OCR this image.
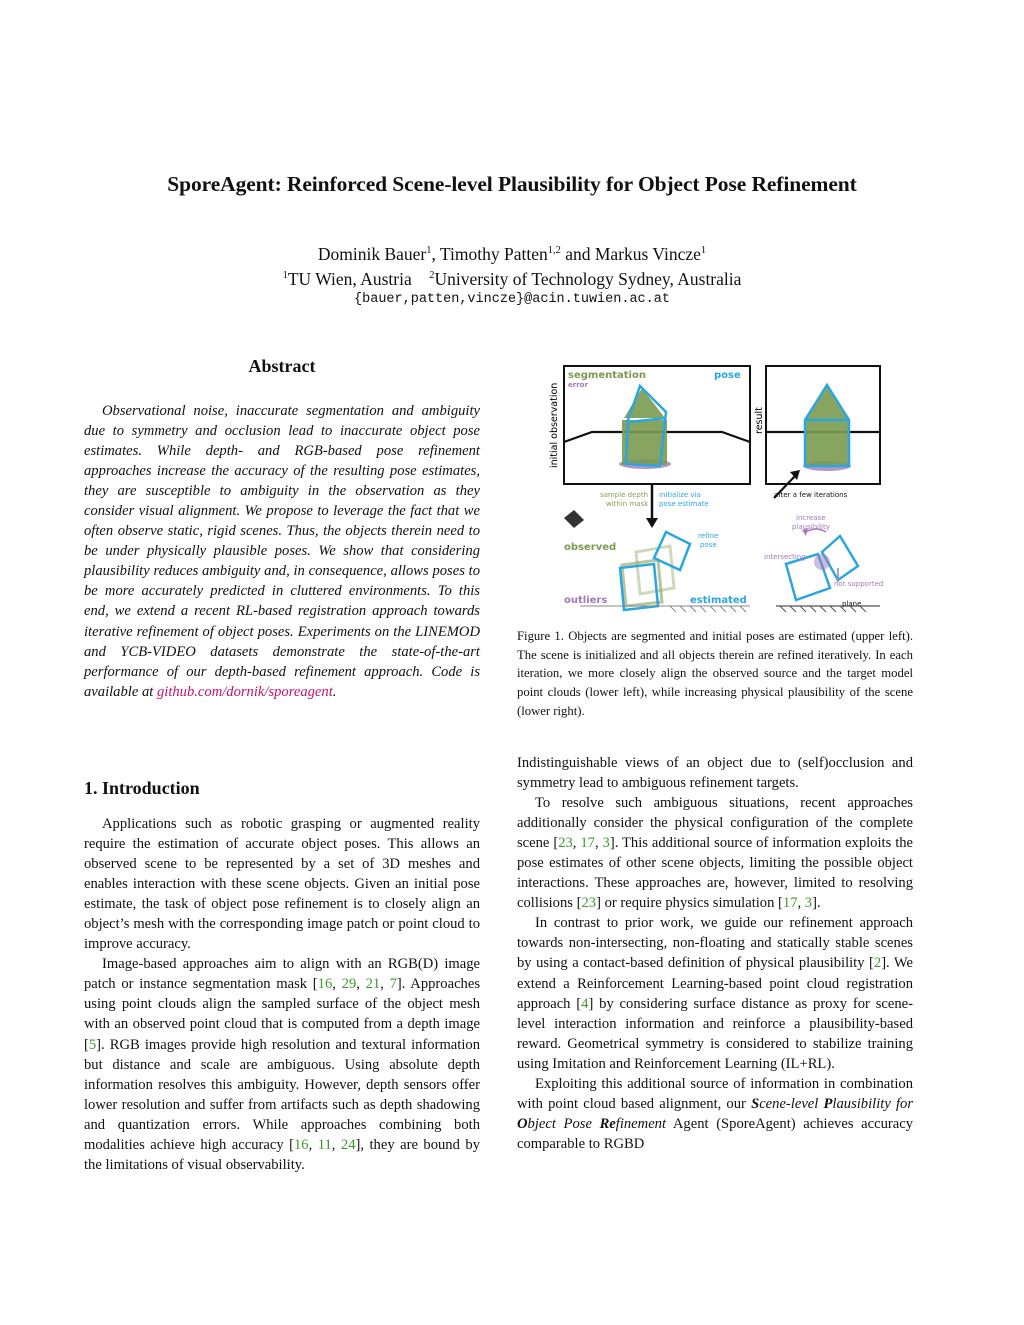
SporeAgent: Reinforced Scene-level Plausibility for Object Pose Refinement
Dominik Bauer$^1$, Timothy Patten$^{1,2}$ and Markus Vincze$^1$
$^1$TU Wien, Austria $^2$University of Technology Sydney, Australia
{bauer,patten,vincze}@acin.tuwien.ac.at
Abstract
Observational noise, inaccurate segmentation and ambiguity due to symmetry and occlusion lead to inaccurate object pose estimates. While depth- and RGB-based pose refinement approaches increase the accuracy of the resulting pose estimates, they are susceptible to ambiguity in the observation as they consider visual alignment. We propose to leverage the fact that we often observe static, rigid scenes. Thus, the objects therein need to be under physically plausible poses. We show that considering plausibility reduces ambiguity and, in consequence, allows poses to be more accurately predicted in cluttered environments. To this end, we extend a recent RL-based registration approach towards iterative refinement of object poses. Experiments on the LINEMOD and YCB-VIDEO datasets demonstrate the state-of-the-art performance of our depth-based refinement approach. Code is available at github.com/dornik/sporeagent.
segmentation
error
pose
initial observation	result
sample depth
within mask
initialize via
pose estimate
after a few iterations
observed
refine
pose
outliers	estimated
increase
plausibility
intersecting
not supported
plane
Figure 1. Objects are segmented and initial poses are estimated (upper left). The scene is initialized and all objects therein are refined iteratively. In each iteration, we more closely align the observed source and the target model point clouds (lower left), while increasing physical plausibility of the scene (lower right).
1. Introduction

Applications such as robotic grasping or augmented reality require the estimation of accurate object poses. This allows an observed scene to be represented by a set of 3D meshes and enables interaction with these scene objects. Given an initial pose estimate, the task of object pose refinement is to closely align an object’s mesh with the corresponding image patch or point cloud to improve accuracy.

Image-based approaches aim to align with an RGB(D) image patch or instance segmentation mask [16, 29, 21, 7]. Approaches using point clouds align the sampled surface of the object mesh with an observed point cloud that is computed from a depth image [5]. RGB images provide high resolution and textural information but distance and scale are ambiguous. Using absolute depth information resolves this ambiguity. However, depth sensors offer lower resolution and suffer from artifacts such as depth shadowing and quantization errors. While approaches combining both modalities achieve high accuracy [16, 11, 24], they are bound by the limitations of visual observability.

Indistinguishable views of an object due to (self)occlusion and symmetry lead to ambiguous refinement targets.

To resolve such ambiguous situations, recent approaches additionally consider the physical configuration of the complete scene [23, 17, 3]. This additional source of information exploits the pose estimates of other scene objects, limiting the possible object interactions. These approaches are, however, limited to resolving collisions [23] or require physics simulation [17, 3].

In contrast to prior work, we guide our refinement approach towards non-intersecting, non-floating and statically stable scenes by using a contact-based definition of physical plausibility [2]. We extend a Reinforcement Learning-based point cloud registration approach [4] by considering surface distance as proxy for scene-level interaction information and reinforce a plausibility-based reward. Geometrical symmetry is considered to stabilize training using Imitation and Reinforcement Learning (IL+RL).

Exploiting this additional source of information in combination with point cloud based alignment, our Scene-level Plausibility for Object Pose Refinement Agent (SporeAgent) achieves accuracy comparable to RGBD
